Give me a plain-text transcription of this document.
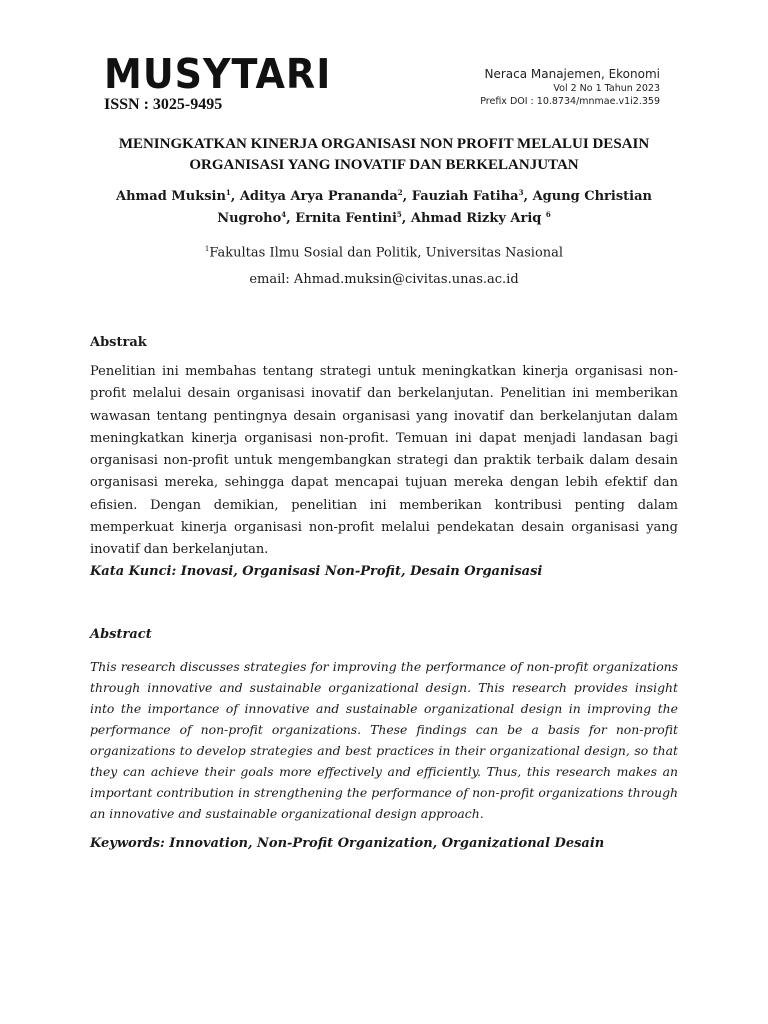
MUSYTARI
ISSN : 3025-9495
Neraca Manajemen, Ekonomi
Vol 2 No 1 Tahun 2023
Prefix DOI : 10.8734/mnmae.v1i2.359
MENINGKATKAN KINERJA ORGANISASI NON PROFIT MELALUI DESAIN
ORGANISASI YANG INOVATIF DAN BERKELANJUTAN
Ahmad Muksin$^1$, Aditya Arya Prananda$^2$, Fauziah Fatiha$^3$, Agung Christian Nugroho$^4$, Ernita Fentini$^5$, Ahmad Rizky Ariq $^6$
$^1$Fakultas Ilmu Sosial dan Politik, Universitas Nasional
email: Ahmad.muksin@civitas.unas.ac.id
Abstrak

Penelitian ini membahas tentang strategi untuk meningkatkan kinerja organisasi non-profit melalui desain organisasi inovatif dan berkelanjutan. Penelitian ini memberikan wawasan tentang pentingnya desain organisasi yang inovatif dan berkelanjutan dalam meningkatkan kinerja organisasi non-profit. Temuan ini dapat menjadi landasan bagi organisasi non-profit untuk mengembangkan strategi dan praktik terbaik dalam desain organisasi mereka, sehingga dapat mencapai tujuan mereka dengan lebih efektif dan efisien. Dengan demikian, penelitian ini memberikan kontribusi penting dalam memperkuat kinerja organisasi non-profit melalui pendekatan desain organisasi yang inovatif dan berkelanjutan.

Kata Kunci: Inovasi, Organisasi Non-Profit, Desain Organisasi
Abstract

This research discusses strategies for improving the performance of non-profit organizations through innovative and sustainable organizational design. This research provides insight into the importance of innovative and sustainable organizational design in improving the performance of non-profit organizations. These findings can be a basis for non-profit organizations to develop strategies and best practices in their organizational design, so that they can achieve their goals more effectively and efficiently. Thus, this research makes an important contribution in strengthening the performance of non-profit organizations through an innovative and sustainable organizational design approach.

Keywords: Innovation, Non-Profit Organization, Organizational Desain
